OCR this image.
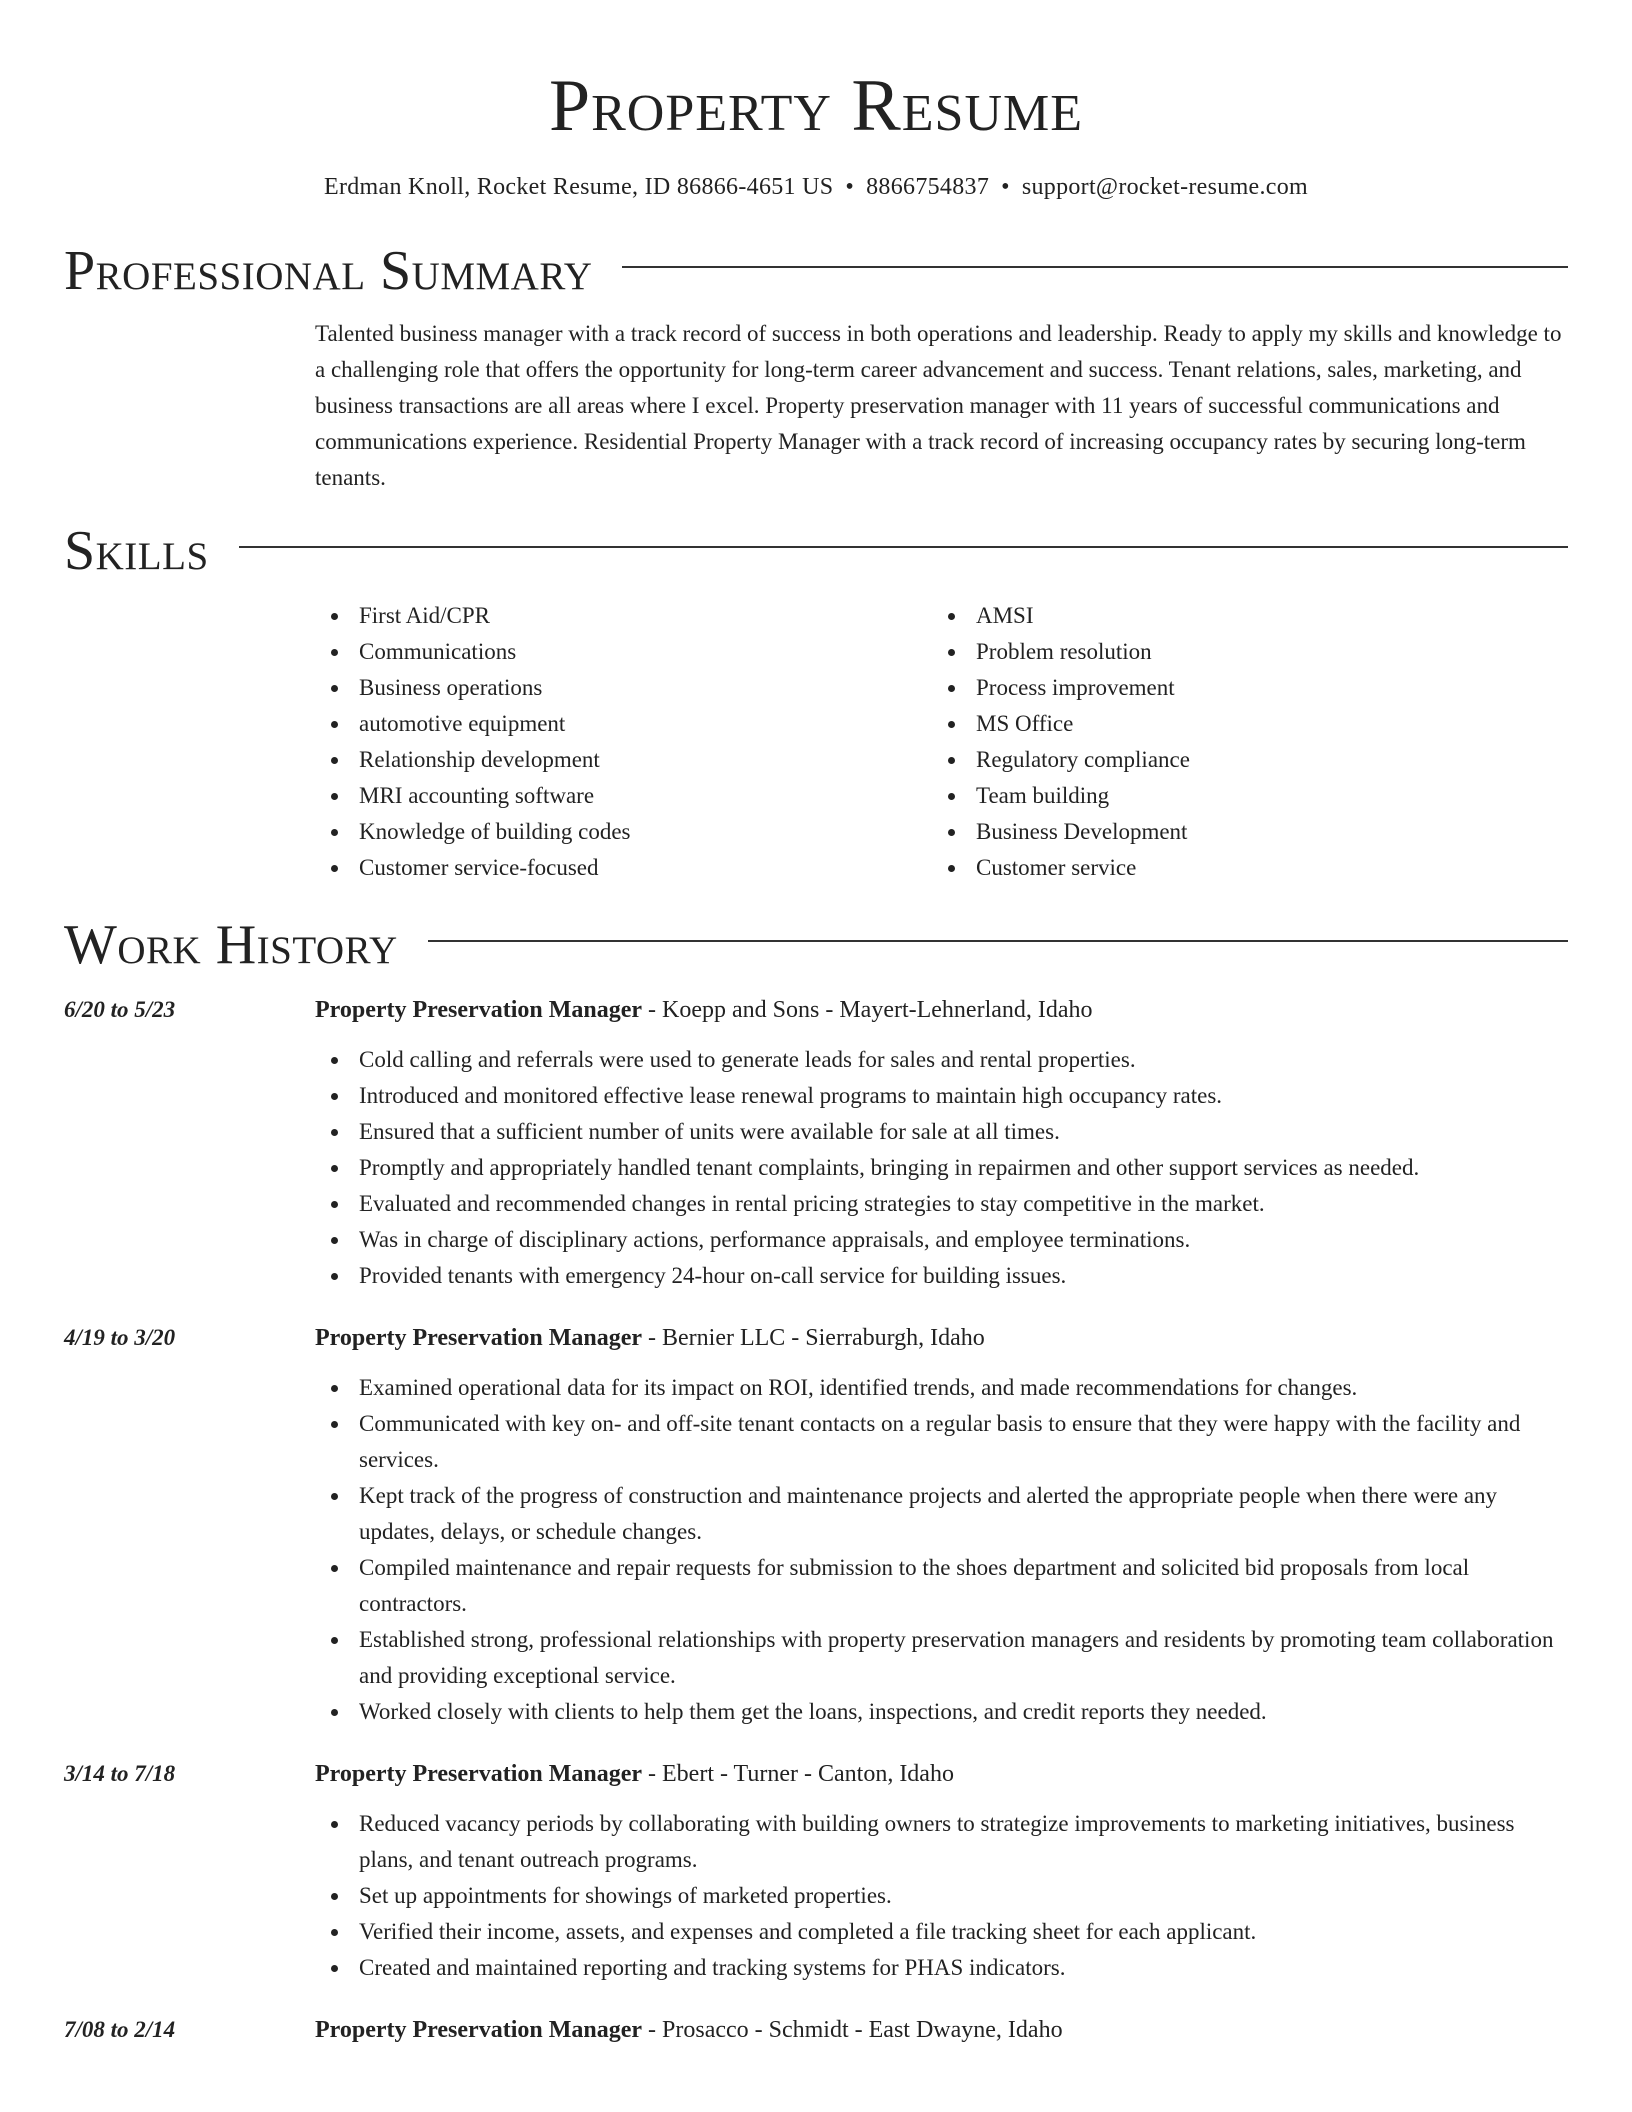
Property Resume
Erdman Knoll, Rocket Resume, ID 86866-4651 US • 8866754837 • support@rocket-resume.com
Professional Summary
Talented business manager with a track record of success in both operations and leadership. Ready to apply my skills and knowledge to a challenging role that offers the opportunity for long-term career advancement and success. Tenant relations, sales, marketing, and business transactions are all areas where I excel. Property preservation manager with 11 years of successful communications and communications experience. Residential Property Manager with a track record of increasing occupancy rates by securing long-term tenants.
Skills
First Aid/CPR
Communications
Business operations
automotive equipment
Relationship development
MRI accounting software
Knowledge of building codes
Customer service-focused
AMSI
Problem resolution
Process improvement
MS Office
Regulatory compliance
Team building
Business Development
Customer service
Work History
6/20 to 5/23	Property Preservation Manager - Koepp and Sons - Mayert-Lehnerland, Idaho
Cold calling and referrals were used to generate leads for sales and rental properties.
Introduced and monitored effective lease renewal programs to maintain high occupancy rates.
Ensured that a sufficient number of units were available for sale at all times.
Promptly and appropriately handled tenant complaints, bringing in repairmen and other support services as needed.
Evaluated and recommended changes in rental pricing strategies to stay competitive in the market.
Was in charge of disciplinary actions, performance appraisals, and employee terminations.
Provided tenants with emergency 24-hour on-call service for building issues.
4/19 to 3/20	Property Preservation Manager - Bernier LLC - Sierraburgh, Idaho
Examined operational data for its impact on ROI, identified trends, and made recommendations for changes.
Communicated with key on- and off-site tenant contacts on a regular basis to ensure that they were happy with the facility and services.
Kept track of the progress of construction and maintenance projects and alerted the appropriate people when there were any updates, delays, or schedule changes.
Compiled maintenance and repair requests for submission to the shoes department and solicited bid proposals from local contractors.
Established strong, professional relationships with property preservation managers and residents by promoting team collaboration and providing exceptional service.
Worked closely with clients to help them get the loans, inspections, and credit reports they needed.
3/14 to 7/18	Property Preservation Manager - Ebert - Turner - Canton, Idaho
Reduced vacancy periods by collaborating with building owners to strategize improvements to marketing initiatives, business plans, and tenant outreach programs.
Set up appointments for showings of marketed properties.
Verified their income, assets, and expenses and completed a file tracking sheet for each applicant.
Created and maintained reporting and tracking systems for PHAS indicators.
7/08 to 2/14	Property Preservation Manager - Prosacco - Schmidt - East Dwayne, Idaho
